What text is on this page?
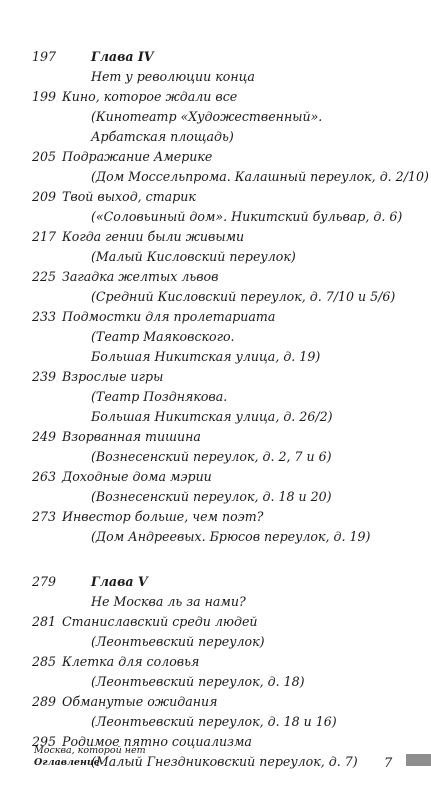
197	Глава IV
Нет у революции конца
199 Кино, которое ждали все
(Кинотеатр «Художественный».
Арбатская площадь)
205 Подражание Америке
(Дом Моссельпрома. Калашный переулок, д. 2/10)
209 Твой выход, старик
(«Соловьиный дом». Никитский бульвар, д. 6)
217 Когда гении были живыми
(Малый Кисловский переулок)
225 Загадка желтых львов
(Средний Кисловский переулок, д. 7/10 и 5/6)
233 Подмостки для пролетариата
(Театр Маяковского.
Большая Никитская улица, д. 19)
239 Взрослые игры
(Театр Позднякова.
Большая Никитская улица, д. 26/2)
249 Взорванная тишина
(Вознесенский переулок, д. 2, 7 и 6)
263 Доходные дома мэрии
(Вознесенский переулок, д. 18 и 20)
273 Инвестор больше, чем поэт?
(Дом Андреевых. Брюсов переулок, д. 19)
279	Глава V
Не Москва ль за нами?
281 Станиславский среди людей
(Леонтьевский переулок)
285 Клетка для соловья
(Леонтьевский переулок, д. 18)
289 Обманутые ожидания
(Леонтьевский переулок, д. 18 и 16)
295 Родимое пятно социализма
(Малый Гнездниковский переулок, д. 7)
Москва, которой нет
Оглавление	7
